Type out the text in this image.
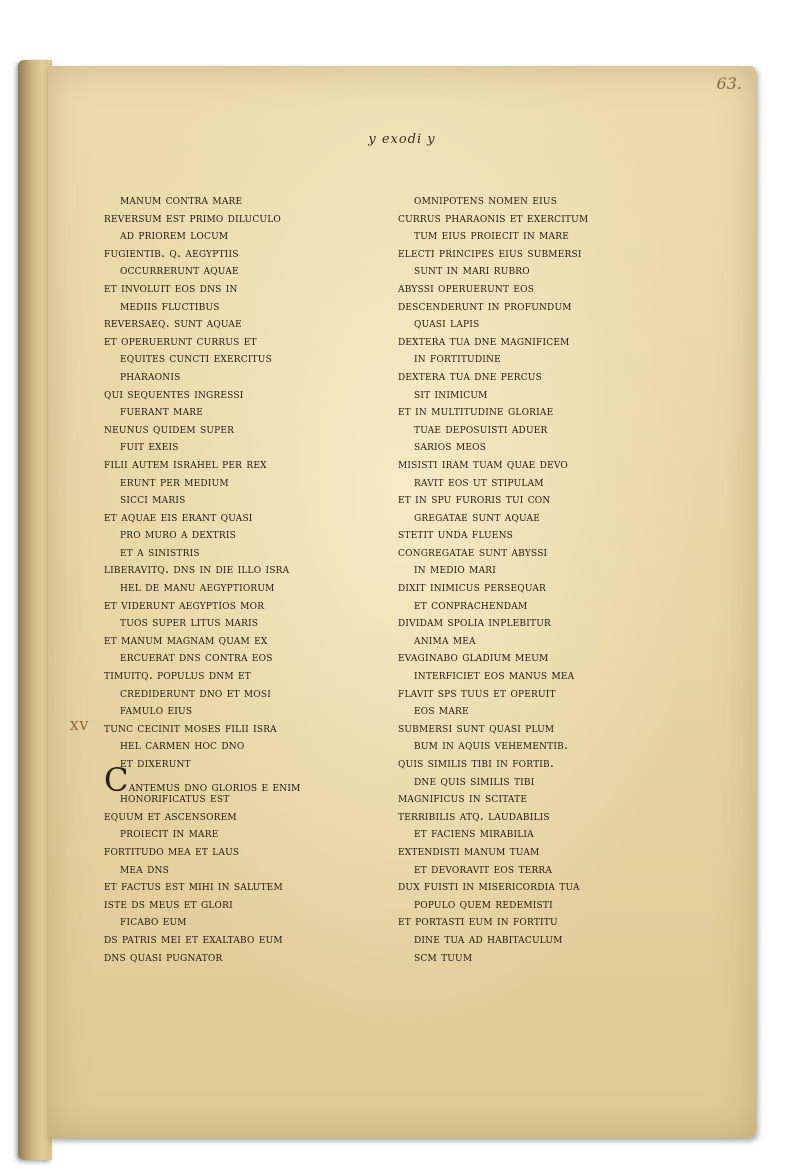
63.
y exodi y
XV
manum contra mare
reversum est primo diluculo
ad priorem locum
fugientib. q. aegyptiis
occurrerunt aquae
et involuit eos dns in
mediis fluctibus
reversaeq. sunt aquae
et operuerunt currus et
equites cuncti exercitus
pharaonis
qui sequentes ingressi
fuerant mare
neunus quidem super
fuit exeis
filii autem israhel per rex
erunt per medium
sicci maris
et aquae eis erant quasi
pro muro a dextris
et a sinistris
liberavitq. dns in die illo isra
hel de manu aegyptiorum
et viderunt aegyptios mor
tuos super litus maris
et manum magnam quam ex
ercuerat dns contra eos
timuitq. populus dnm et
crediderunt dno et mosi
famulo eius
tunc cecinit moses filii isra
hel carmen hoc dno
et dixerunt
Cantemus dno glorios e enim
honorificatus est
equum et ascensorem
proiecit in mare
fortitudo mea et laus
mea dns
et factus est mihi in salutem
iste ds meus et glori
ficabo eum
ds patris mei et exaltabo eum
dns quasi pugnator
omnipotens nomen eius
currus pharaonis et exercitum
tum eius proiecit in mare
electi principes eius submersi
sunt in mari rubro
abyssi operuerunt eos
descenderunt in profundum
quasi lapis
dextera tua dne magnificem
in fortitudine
dextera tua dne percus
sit inimicum
et in multitudine gloriae
tuae deposuisti aduer
sarios meos
misisti iram tuam quae devo
ravit eos ut stipulam
et in spu furoris tui con
gregatae sunt aquae
stetit unda fluens
congregatae sunt abyssi
in medio mari
dixit inimicus persequar
et conprachendam
dividam spolia inplebitur
anima mea
evaginabo gladium meum
interficiet eos manus mea
flavit sps tuus et operuit
eos mare
submersi sunt quasi plum
bum in aquis vehementib.
quis similis tibi in fortib.
dne quis similis tibi
magnificus in scitate
terribilis atq. laudabilis
et faciens mirabilia
extendisti manum tuam
et devoravit eos terra
dux fuisti in misericordia tua
populo quem redemisti
et portasti eum in fortitu
dine tua ad habitaculum
scm tuum
